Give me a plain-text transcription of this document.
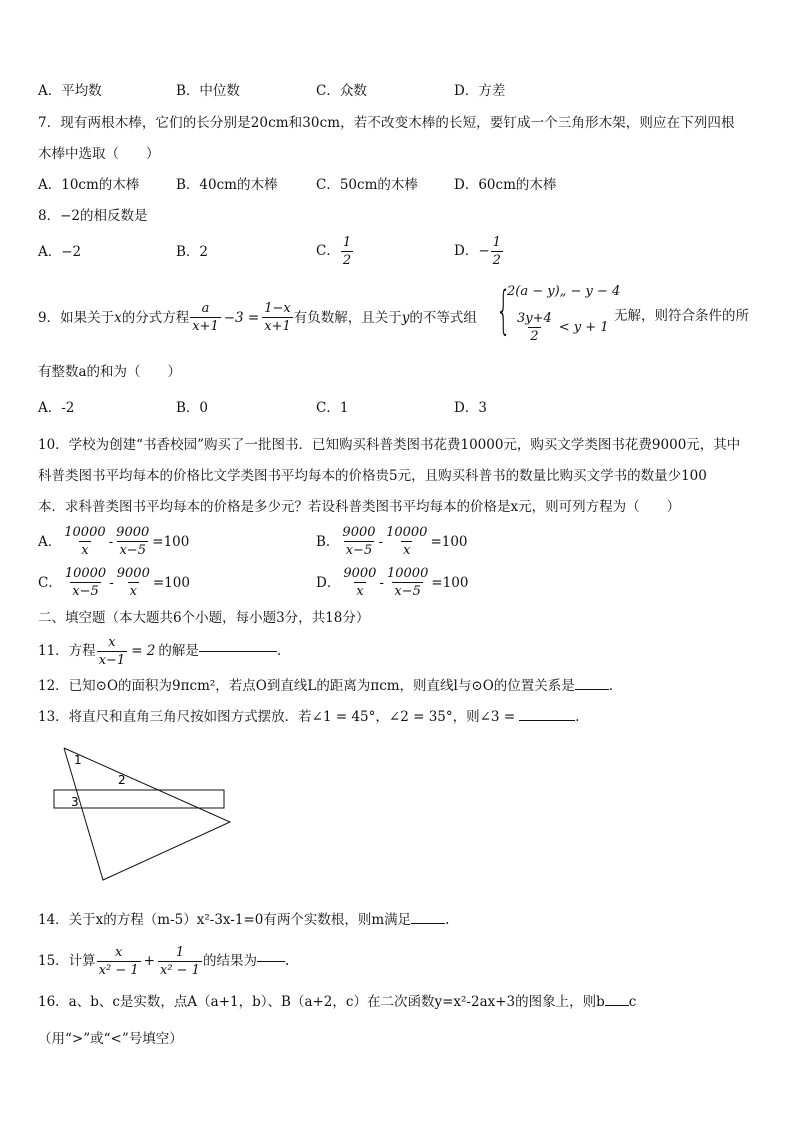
A．平均数	B．中位数	C．众数	D．方差
7．现有两根木棒，它们的长分别是20cm和30cm，若不改变木棒的长短，要钉成一个三角形木架，则应在下列四根
木棒中选取（　　）
A．10cm的木棒	B．40cm的木棒	C．50cm的木棒	D．60cm的木棒
8．−2的相反数是
A．−2	B．2	C． $\frac{1}{2}$	D．− $\frac{1}{2}$
9．如果关于 x 的分式方程 $\frac{a}{x+1} -3 = \frac{1-x}{x+1}$ 有负数解，且关于 y 的不等式组 {
2(a − y)„ − y − 4
$\frac{3y+4}{2} < y + 1$
无解，则符合条件的所
有整数a的和为（　　）
A．-2	B．0	C．1	D．3
10．学校为创建“书香校园”购买了一批图书．已知购买科普类图书花费10000元，购买文学类图书花费9000元，其中
科普类图书平均每本的价格比文学类图书平均每本的价格贵5元，且购买科普书的数量比购买文学书的数量少100
本．求科普类图书平均每本的价格是多少元？若设科普类图书平均每本的价格是x元，则可列方程为（　　）
A． $\frac{10000}{x} - \frac{9000}{x-5} =100$	B． $\frac{9000}{x-5} - \frac{10000}{x} =100$
C． $\frac{10000}{x-5} - \frac{9000}{x} =100$	D． $\frac{9000}{x} - \frac{10000}{x-5} =100$
二、填空题（本大题共6个小题，每小题3分，共18分）
11．方程 $\frac{x}{x-1} = 2$ 的解是	.
12．已知⊙O的面积为9πcm²，若点O到直线L的距离为πcm，则直线l与⊙O的位置关系是	.
13．将直尺和直角三角尺按如图方式摆放．若∠1 = 45°，∠2 = 35°，则∠3 =	.
1
2
3
14．关于x的方程（m-5）x²-3x-1=0有两个实数根，则m满足	.
15．计算 $\frac{x}{\text{x² − 1}} + \frac{1}{\text{x² − 1}}$ 的结果为 .
16．a、b、c是实数，点A（a+1，b）、B（a+2，c）在二次函数y=x²-2ax+3的图象上，则b c
（用“>”或“<”号填空）
